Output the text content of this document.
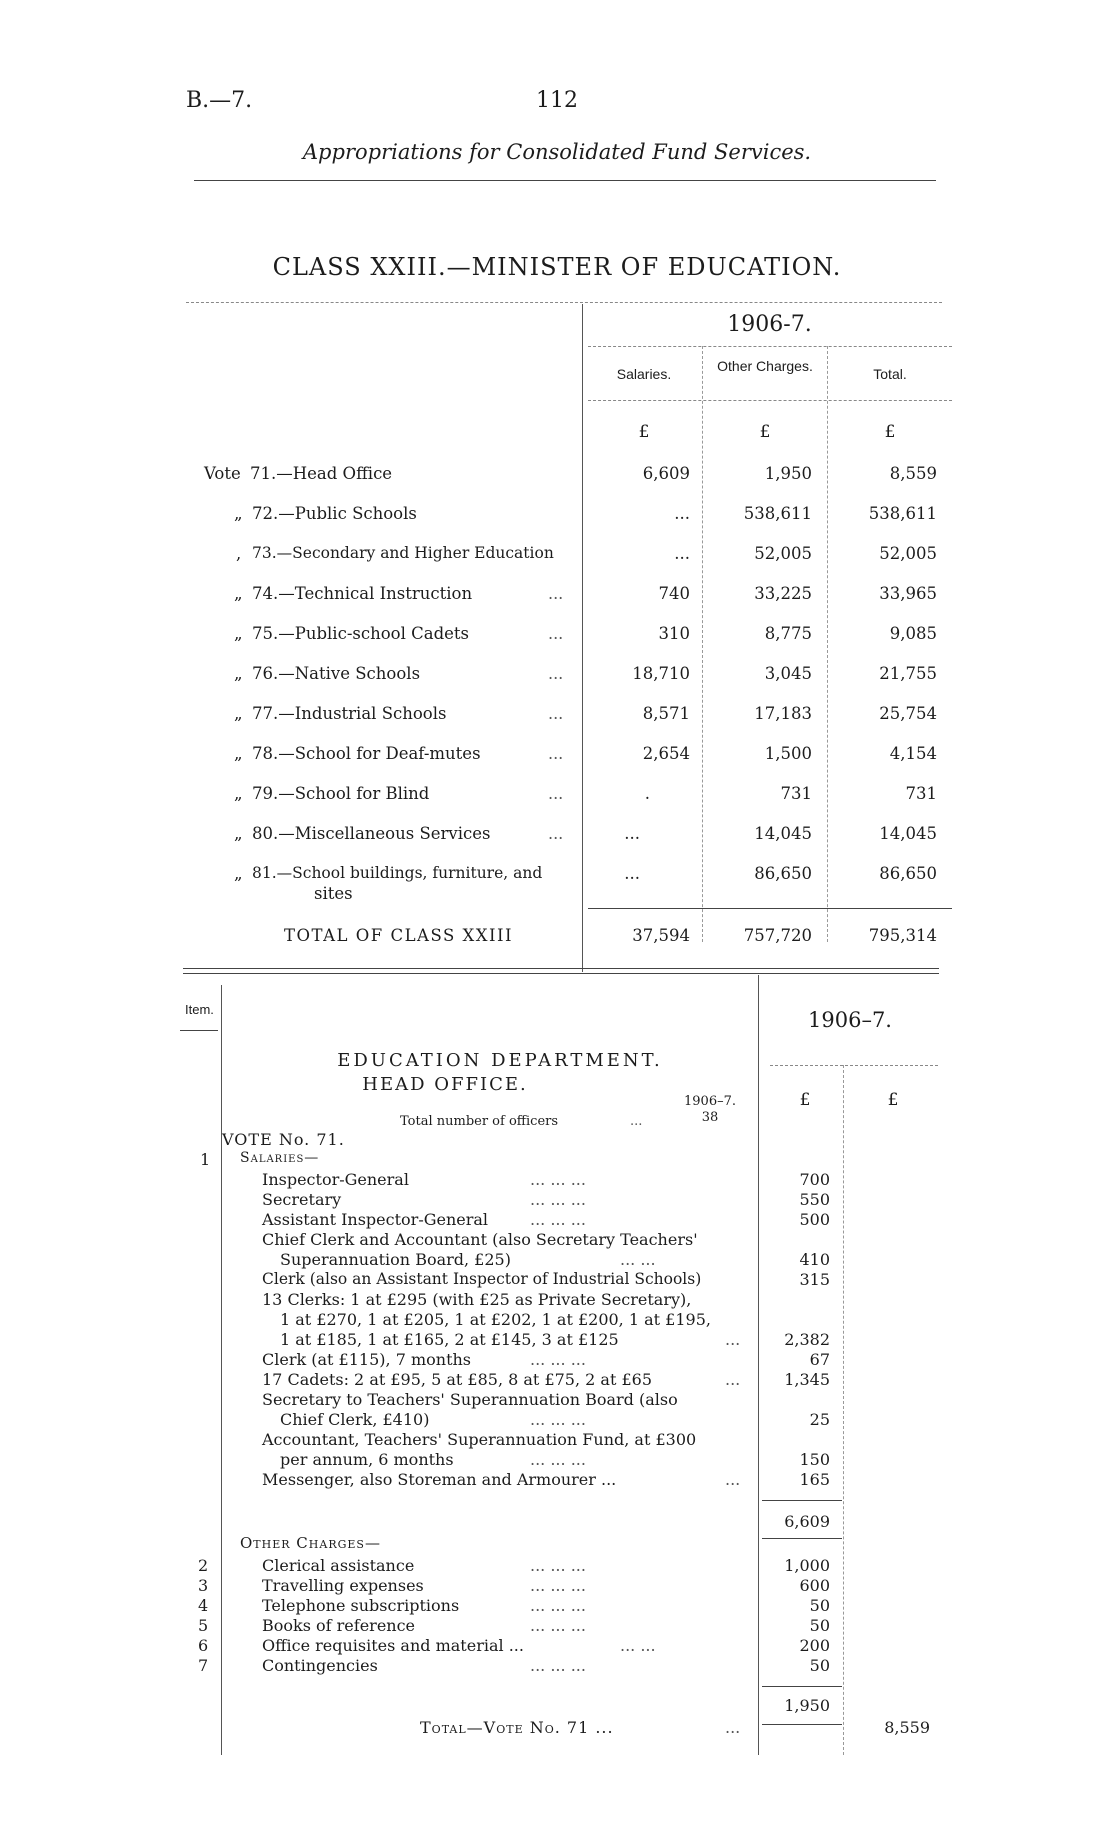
B.—7.	112
Appropriations for Consolidated Fund Services.
CLASS XXIII.—MINISTER OF EDUCATION.
1906-7.
Salaries.	Other Charges.	Total.
£	£	£
Vote 71.—Head Office	6,609	1,950	8,559
„ 72.—Public Schools	...	538,611	538,611
, 73.—Secondary and Higher Education	...	52,005	52,005
„ 74.—Technical Instruction	...	740	33,225	33,965
„ 75.—Public-school Cadets	...	310	8,775	9,085
„ 76.—Native Schools	...	18,710	3,045	21,755
„ 77.—Industrial Schools	...	8,571	17,183	25,754
„ 78.—School for Deaf-mutes	...	2,654	1,500	4,154
„ 79.—School for Blind	...	.	731	731
„ 80.—Miscellaneous Services	...	...	14,045	14,045
„ 81.—School buildings, furniture, and
sites
...	86,650	86,650
TOTAL OF CLASS XXIII	37,594	757,720	795,314
Item.	1906–7.
EDUCATION DEPARTMENT.
HEAD OFFICE.
1906–7.
Total number of officers	...	38
£	£
VOTE No. 71.
1 Salaries—
Inspector-General	... ... ...	700
Secretary	... ... ...	550
Assistant Inspector-General	... ... ...	500
Chief Clerk and Accountant (also Secretary Teachers'
Superannuation Board, £25)	... ...	410
Clerk (also an Assistant Inspector of Industrial Schools)	315
13 Clerks: 1 at £295 (with £25 as Private Secretary),
1 at £270, 1 at £205, 1 at £202, 1 at £200, 1 at £195,
1 at £185, 1 at £165, 2 at £145, 3 at £125	...	2,382
Clerk (at £115), 7 months	... ... ...	67
17 Cadets: 2 at £95, 5 at £85, 8 at £75, 2 at £65	...	1,345
Secretary to Teachers' Superannuation Board (also
Chief Clerk, £410)	... ... ...	25
Accountant, Teachers' Superannuation Fund, at £300
per annum, 6 months	... ... ...	150
Messenger, also Storeman and Armourer ...	...	165
6,609
Other Charges—
2	Clerical assistance	... ... ...	1,000
3	Travelling expenses	... ... ...	600
4	Telephone subscriptions	... ... ...	50
5	Books of reference	... ... ...	50
6	Office requisites and material ...	... ...	200
7	Contingencies	... ... ...	50
1,950
Total—Vote No. 71 ...	...	8,559
